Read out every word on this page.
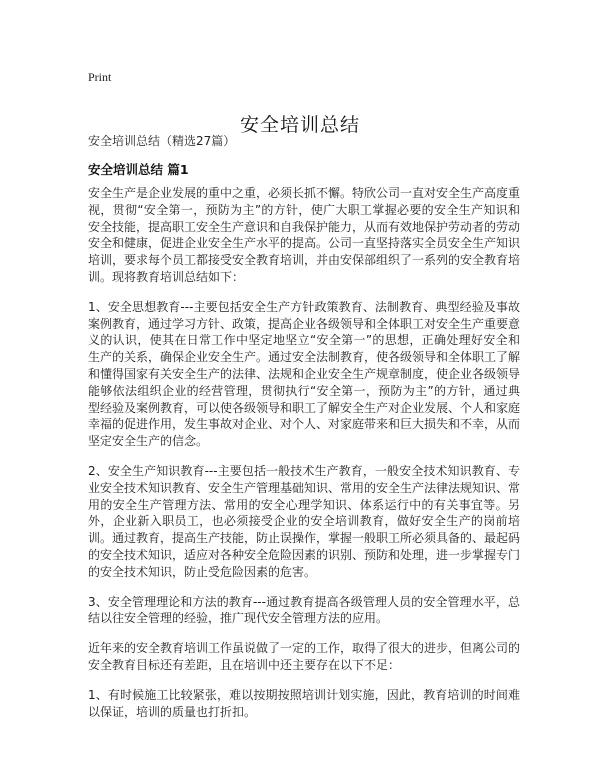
Print
安全培训总结
安全培训总结（精选27篇）
安全培训总结 篇1

安全生产是企业发展的重中之重，必须长抓不懈。特欣公司一直对安全生产高度重视，贯彻“安全第一，预防为主”的方针，使广大职工掌握必要的安全生产知识和安全技能，提高职工安全生产意识和自我保护能力，从而有效地保护劳动者的劳动安全和健康，促进企业安全生产水平的提高。公司一直坚持落实全员安全生产知识培训，要求每个员工都接受安全教育培训，并由安保部组织了一系列的安全教育培训。现将教育培训总结如下：

1、安全思想教育---主要包括安全生产方针政策教育、法制教育、典型经验及事故案例教育，通过学习方针、政策，提高企业各级领导和全体职工对安全生产重要意义的认识，使其在日常工作中坚定地坚立“安全第一”的思想，正确处理好安全和生产的关系，确保企业安全生产。通过安全法制教育，使各级领导和全体职工了解和懂得国家有关安全生产的法律、法规和企业安全生产规章制度，使企业各级领导能够依法组织企业的经营管理，贯彻执行“安全第一，预防为主”的方针，通过典型经验及案例教育，可以使各级领导和职工了解安全生产对企业发展、个人和家庭幸福的促进作用，发生事故对企业、对个人、对家庭带来和巨大损失和不幸，从而坚定安全生产的信念。

2、安全生产知识教育---主要包括一般技术生产教育，一般安全技术知识教育、专业安全技术知识教育、安全生产管理基础知识、常用的安全生产法律法规知识、常用的安全生产管理方法、常用的安全心理学知识、体系运行中的有关事宜等。另外，企业新入职员工，也必须接受企业的安全培训教育，做好安全生产的岗前培训。通过教育，提高生产技能，防止误操作，掌握一般职工所必须具备的、最起码的安全技术知识，适应对各种安全危险因素的识别、预防和处理，进一步掌握专门的安全技术知识，防止受危险因素的危害。

3、安全管理理论和方法的教育---通过教育提高各级管理人员的安全管理水平，总结以往安全管理的经验，推广现代安全管理方法的应用。

近年来的安全教育培训工作虽说做了一定的工作，取得了很大的进步，但离公司的安全教育目标还有差距，且在培训中还主要存在以下不足：

1、有时候施工比较紧张，难以按期按照培训计划实施，因此，教育培训的时间难以保证，培训的质量也打折扣。
